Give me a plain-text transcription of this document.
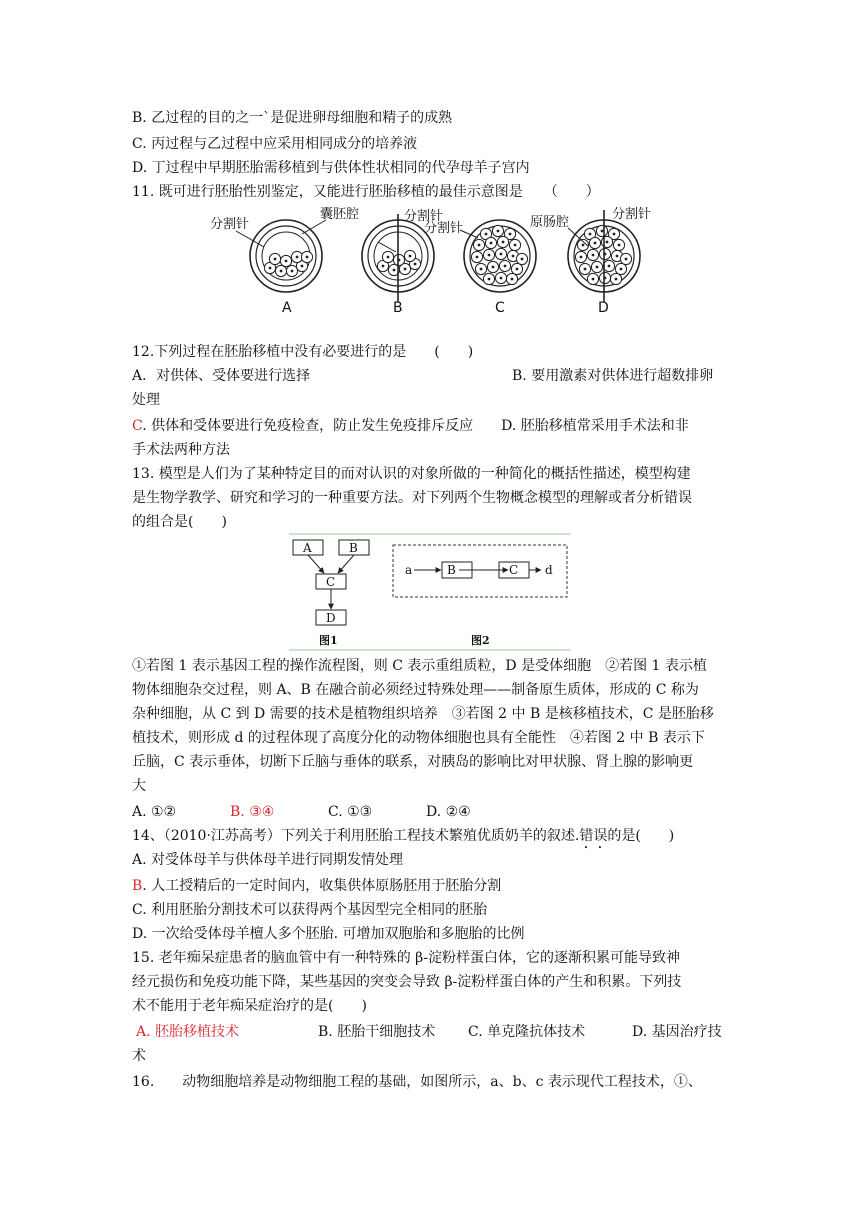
B. 乙过程的目的之一`是促进卵母细胞和精子的成熟
C. 丙过程与乙过程中应采用相同成分的培养液
D. 丁过程中早期胚胎需移植到与供体性状相同的代孕母羊子宫内
11. 既可进行胚胎性别鉴定，又能进行胚胎移植的最佳示意图是　　（　　）
分割针
囊胚腔
A
分割针
B
分割针
C
原肠腔
分割针
D
12.下列过程在胚胎移植中没有必要进行的是　　(　　)
A．对供体、受体要进行选择	B. 要用激素对供体进行超数排卵
处理
C. 供体和受体要进行免疫检查，防止发生免疫排斥反应　　D. 胚胎移植常采用手术法和非
手术法两种方法
13. 模型是人们为了某种特定目的而对认识的对象所做的一种简化的概括性描述，模型构建
是生物学教学、研究和学习的一种重要方法。对下列两个生物概念模型的理解或者分析错误
的组合是(　　)
A	B
C
D
图1
a	B	C d
图2
①若图 1 表示基因工程的操作流程图，则 C 表示重组质粒，D 是受体细胞　②若图 1 表示植
物体细胞杂交过程，则 A、B 在融合前必须经过特殊处理——制备原生质体，形成的 C 称为
杂种细胞，从 C 到 D 需要的技术是植物组织培养　③若图 2 中 B 是核移植技术，C 是胚胎移
植技术，则形成 d 的过程体现了高度分化的动物体细胞也具有全能性　④若图 2 中 B 表示下
丘脑，C 表示垂体，切断下丘脑与垂体的联系，对胰岛的影响比对甲状腺、肾上腺的影响更
大
A. ①②	B. ③④	C. ①③	D. ②④
14、（2010·江苏高考）下列关于利用胚胎工程技术繁殖优质奶羊的叙述.错误的是(　　)
A. 对受体母羊与供体母羊进行同期发情处理
B. 人工授精后的一定时间内，收集供体原肠胚用于胚胎分割
C. 利用胚胎分割技术可以获得两个基因型完全相同的胚胎
D. 一次给受体母羊檀人多个胚胎. 可增加双胞胎和多胞胎的比例
15. 老年痴呆症患者的脑血管中有一种特殊的 β-淀粉样蛋白体，它的逐渐积累可能导致神
经元损伤和免疫功能下降，某些基因的突变会导致 β-淀粉样蛋白体的产生和积累。下列技
术不能用于老年痴呆症治疗的是(　　)
A. 胚胎移植技术	B. 胚胎干细胞技术 C. 单克隆抗体技术	D. 基因治疗技
术
16.　　动物细胞培养是动物细胞工程的基础，如图所示，a、b、c 表示现代工程技术，①、
